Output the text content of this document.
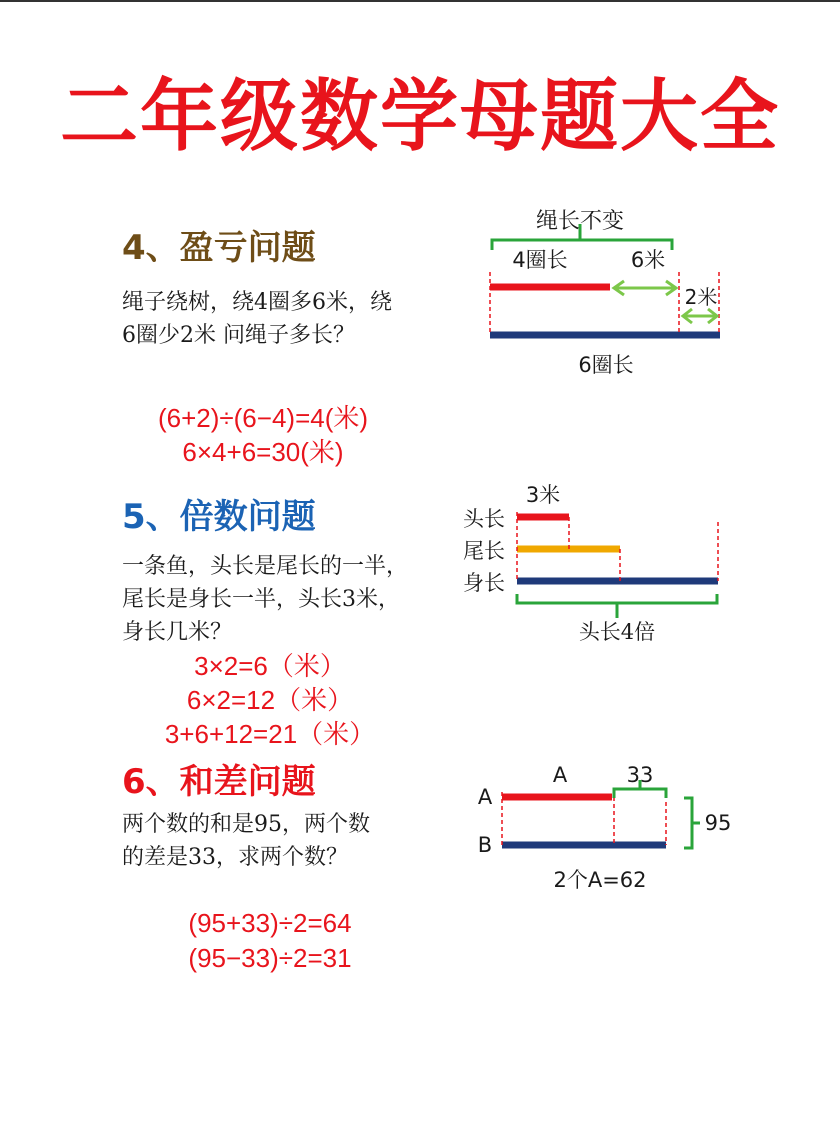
二年级数学母题大全
4、盈亏问题

绳子绕树，绕4圈多6米，绕6圈少2米 问绳子多长？

(6+2)÷(6−4)=4(米)
6×4+6=30(米)
绳长不变
4圈长	6米
2米
6圈长
5、倍数问题

一条鱼，头长是尾长的一半，尾长是身长一半，头长3米，身长几米？

3×2=6（米）
6×2=12（米）
3+6+12=21（米）
3米
头长
尾长
身长
头长4倍
6、和差问题

两个数的和是95，两个数的差是33，求两个数？

(95+33)÷2=64
(95−33)÷2=31
A
B
A	33
95
2个A=62
